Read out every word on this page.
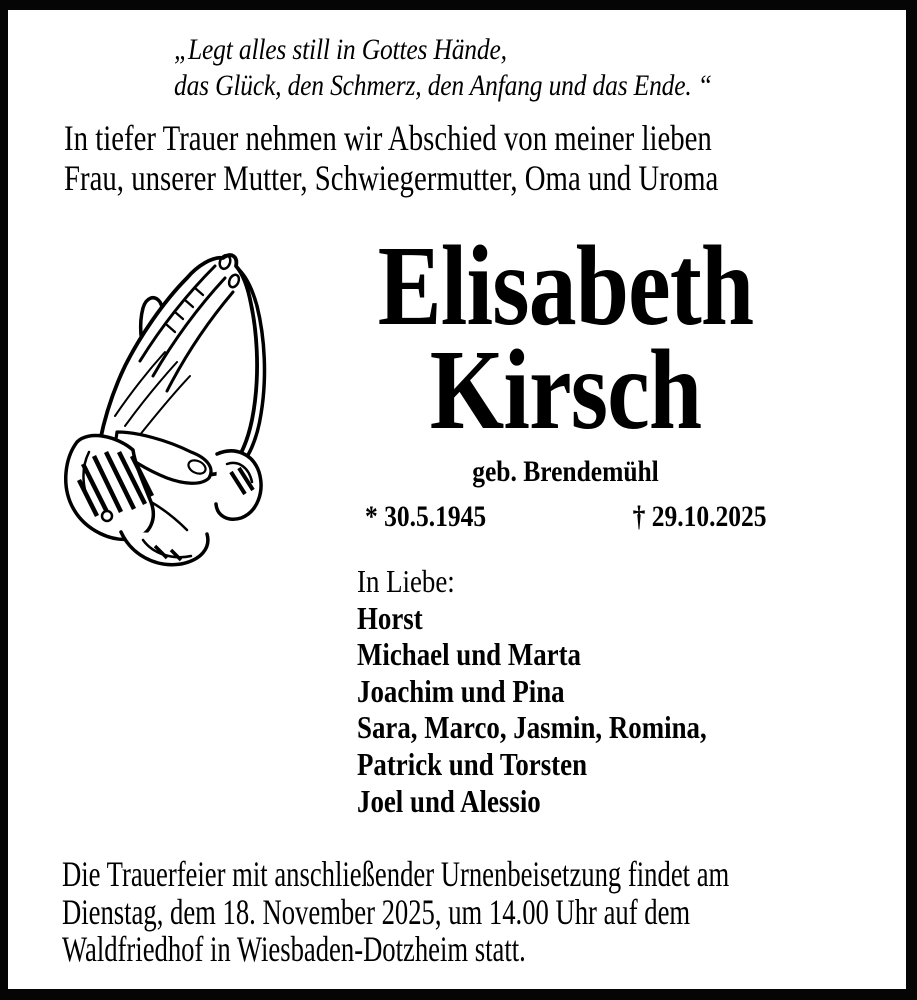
„Legt alles still in Gottes Hände,
das Glück, den Schmerz, den Anfang und das Ende. “
In tiefer Trauer nehmen wir Abschied von meiner lieben
Frau, unserer Mutter, Schwiegermutter, Oma und Uroma
Elisabeth
Kirsch
geb. Brendemühl
* 30.5.1945	† 29.10.2025
In Liebe:
Horst
Michael und Marta
Joachim und Pina
Sara, Marco, Jasmin, Romina,
Patrick und Torsten
Joel und Alessio
Die Trauerfeier mit anschließender Urnenbeisetzung findet am
Dienstag, dem 18. November 2025, um 14.00 Uhr auf dem
Waldfriedhof in Wiesbaden-Dotzheim statt.
